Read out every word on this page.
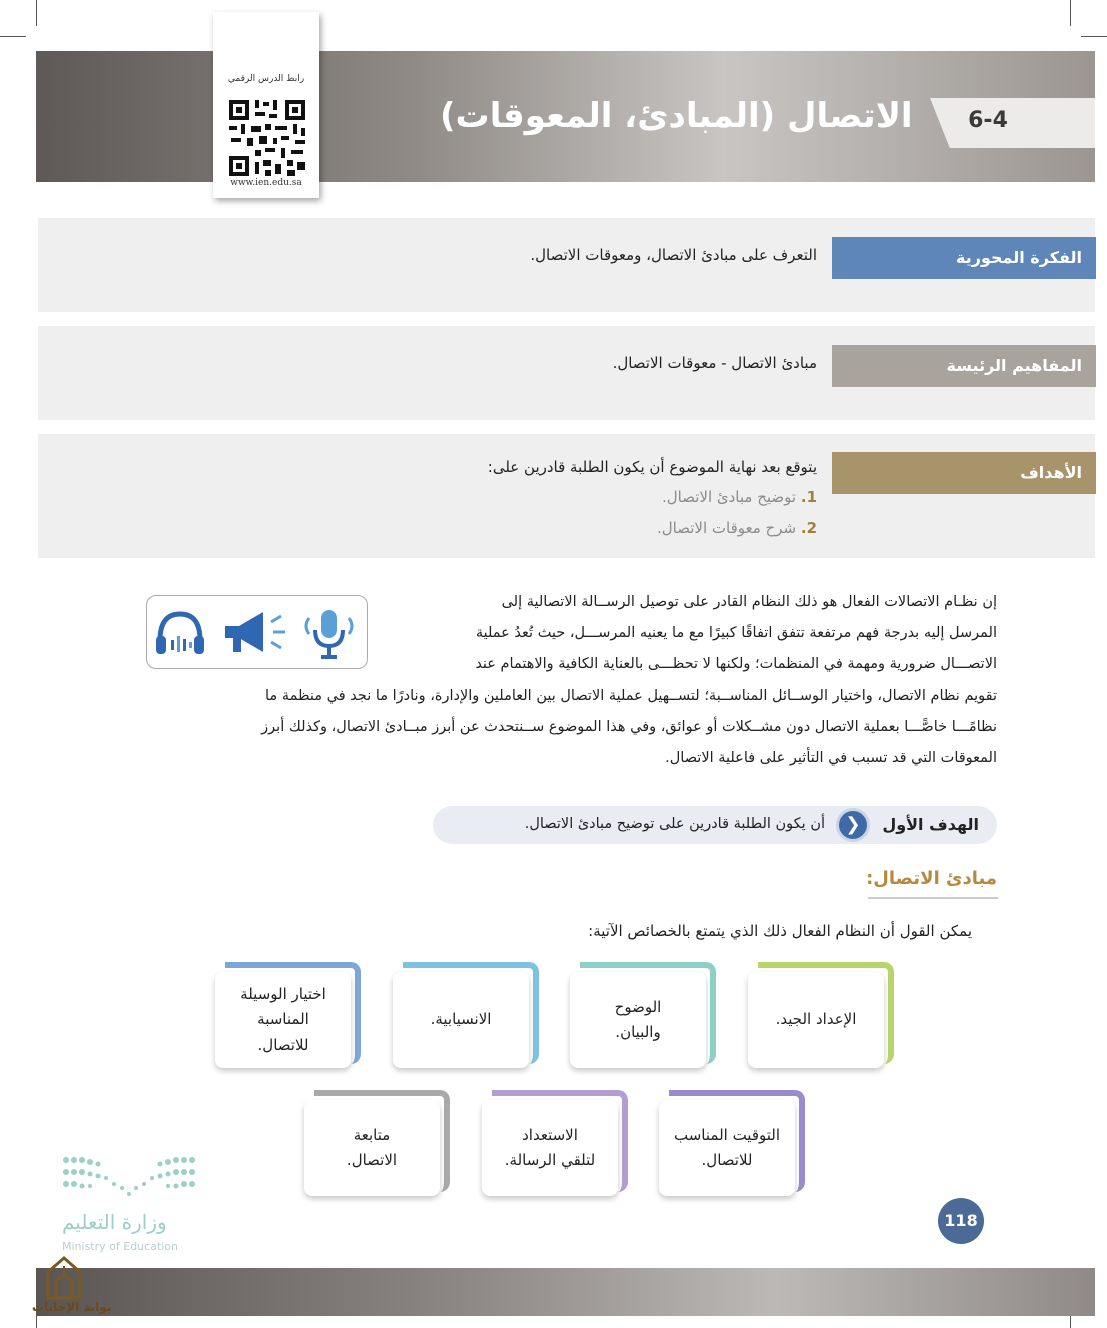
6-4
الاتصال (المبادئ، المعوقات)
رابط الدرس الرقمي
www.ien.edu.sa
الفكرة المحورية
التعرف على مبادئ الاتصال، ومعوقات الاتصال.
المفاهيم الرئيسة
مبادئ الاتصال - معوقات الاتصال.
الأهداف
يتوقع بعد نهاية الموضوع أن يكون الطلبة قادرين على:
1. توضيح مبادئ الاتصال.
2. شرح معوقات الاتصال.
إن نظـام الاتصالات الفعال هو ذلك النظام القادر على توصيل الرســالة الاتصالية إلى
المرسل إليه بدرجة فهم مرتفعة تتفق اتفاقًا كبيرًا مع ما يعنيه المرســـل، حيث تُعدُ عملية
الاتصـــال ضرورية ومهمة في المنظمات؛ ولكنها لا تحظـــى بالعناية الكافية والاهتمام عند
تقويم نظام الاتصال، واختيار الوســائل المناســبة؛ لتســهيل عملية الاتصال بين العاملين والإدارة، ونادرًا ما نجد في منظمة ما
نظامًـــا خاصًّـــا بعملية الاتصال دون مشــكلات أو عوائق، وفي هذا الموضوع ســنتحدث عن أبرز مبــادئ الاتصال، وكذلك أبرز
المعوقات التي قد تسبب في التأثير على فاعلية الاتصال.
الهدف الأول
❮
أن يكون الطلبة قادرين على توضيح مبادئ الاتصال.
مبادئ الاتصال:
يمكن القول أن النظام الفعال ذلك الذي يتمتع بالخصائص الآتية:
الإعداد الجيد.
الوضوح
والبيان.
الانسيابية.
اختيار الوسيلة
المناسبة
للاتصال.
التوقيت المناسب
للاتصال.
الاستعداد
لتلقي الرسالة.
متابعة
الاتصال.
118
وزارة التعليم
Ministry of Education
بوابة الإجابات
